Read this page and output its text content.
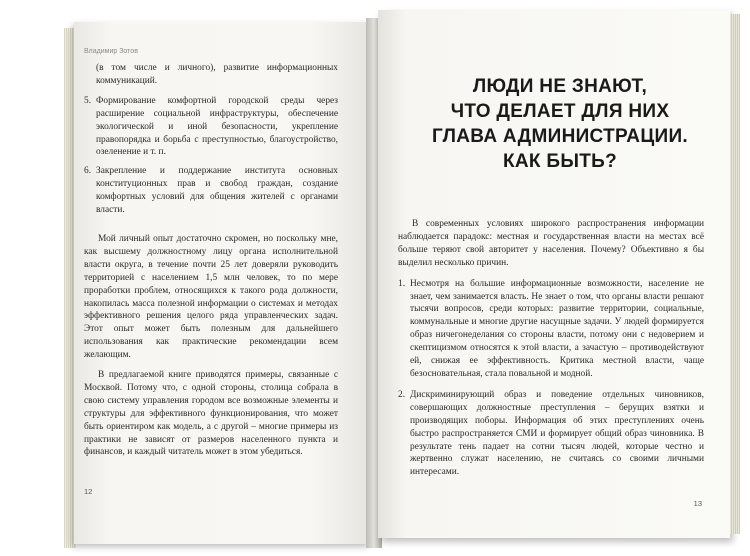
Владимир Зотов

(в том числе и личного), развитие информационных коммуникаций.

5. Формирование комфортной городской среды через расширение социальной инфраструктуры, обеспечение экологической и иной безопасности, укрепление правопорядка и борьба с преступностью, благоустройство, озеленение и т. п.
6. Закрепление и поддержание института основных конституционных прав и свобод граждан, создание комфортных условий для общения жителей с органами власти.

Мой личный опыт достаточно скромен, но поскольку мне, как высшему должностному лицу органа исполнительной власти округа, в течение почти 25 лет доверяли руководить территорией с населением 1,5 млн человек, то по мере проработки проблем, относящихся к такого рода должности, накопилась масса полезной информации о системах и методах эффективного решения целого ряда управленческих задач. Этот опыт может быть полезным для дальнейшего использования как практические рекомендации всем желающим.

В предлагаемой книге приводятся примеры, связанные с Москвой. Потому что, с одной стороны, столица собрала в свою систему управления городом все возможные элементы и структуры для эффективного функционирования, что может быть ориентиром как модель, а с другой – многие примеры из практики не зависят от размеров населенного пункта и финансов, и каждый читатель может в этом убедиться.

12
ЛЮДИ НЕ ЗНАЮТ,
ЧТО ДЕЛАЕТ ДЛЯ НИХ
ГЛАВА АДМИНИСТРАЦИИ.
КАК БЫТЬ?

В современных условиях широкого распространения информации наблюдается парадокс: местная и государственная власти на местах всё больше теряют свой авторитет у населения. Почему? Объективно я бы выделил несколько причин.

1. Несмотря на большие информационные возможности, население не знает, чем занимается власть. Не знает о том, что органы власти решают тысячи вопросов, среди которых: развитие территории, социальные, коммунальные и многие другие насущные задачи. У людей формируется образ ничегонеделания со стороны власти, потому они с недоверием и скептицизмом относятся к этой власти, а зачастую – противодействуют ей, снижая ее эффективность. Критика местной власти, чаще безосновательная, стала повальной и модной.
2. Дискриминирующий образ и поведение отдельных чиновников, совершающих должностные преступления – берущих взятки и производящих поборы. Информация об этих преступлениях очень быстро распространяется СМИ и формирует общий образ чиновника. В результате тень падает на сотни тысяч людей, которые честно и жертвенно служат населению, не считаясь со своими личными интересами.
13
